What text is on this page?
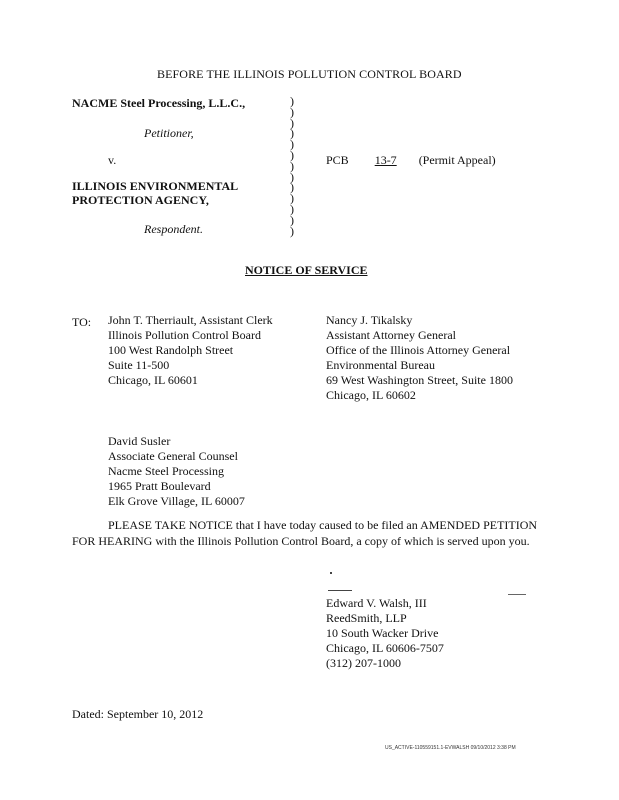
BEFORE THE ILLINOIS POLLUTION CONTROL BOARD
NACME Steel Processing, L.L.C.,
Petitioner,
v.
ILLINOIS ENVIRONMENTAL
PROTECTION AGENCY,
Respondent.
)
)
)
)
)
)
)
)
)
)
)
)
)
PCB 13-7 (Permit Appeal)
NOTICE OF SERVICE
TO: John T. Therriault, Assistant Clerk
Illinois Pollution Control Board
100 West Randolph Street
Suite 11-500
Chicago, IL 60601
Nancy J. Tikalsky
Assistant Attorney General
Office of the Illinois Attorney General
Environmental Bureau
69 West Washington Street, Suite 1800
Chicago, IL 60602
David Susler
Associate General Counsel
Nacme Steel Processing
1965 Pratt Boulevard
Elk Grove Village, IL 60007
PLEASE TAKE NOTICE that I have today caused to be filed an AMENDED PETITION
FOR HEARING with the Illinois Pollution Control Board, a copy of which is served upon you.
Edward V. Walsh, III
ReedSmith, LLP
10 South Wacker Drive
Chicago, IL 60606-7507
(312) 207-1000
Dated: September 10, 2012
US_ACTIVE-110559151.1-EVWALSH 09/10/2012 3:38 PM
